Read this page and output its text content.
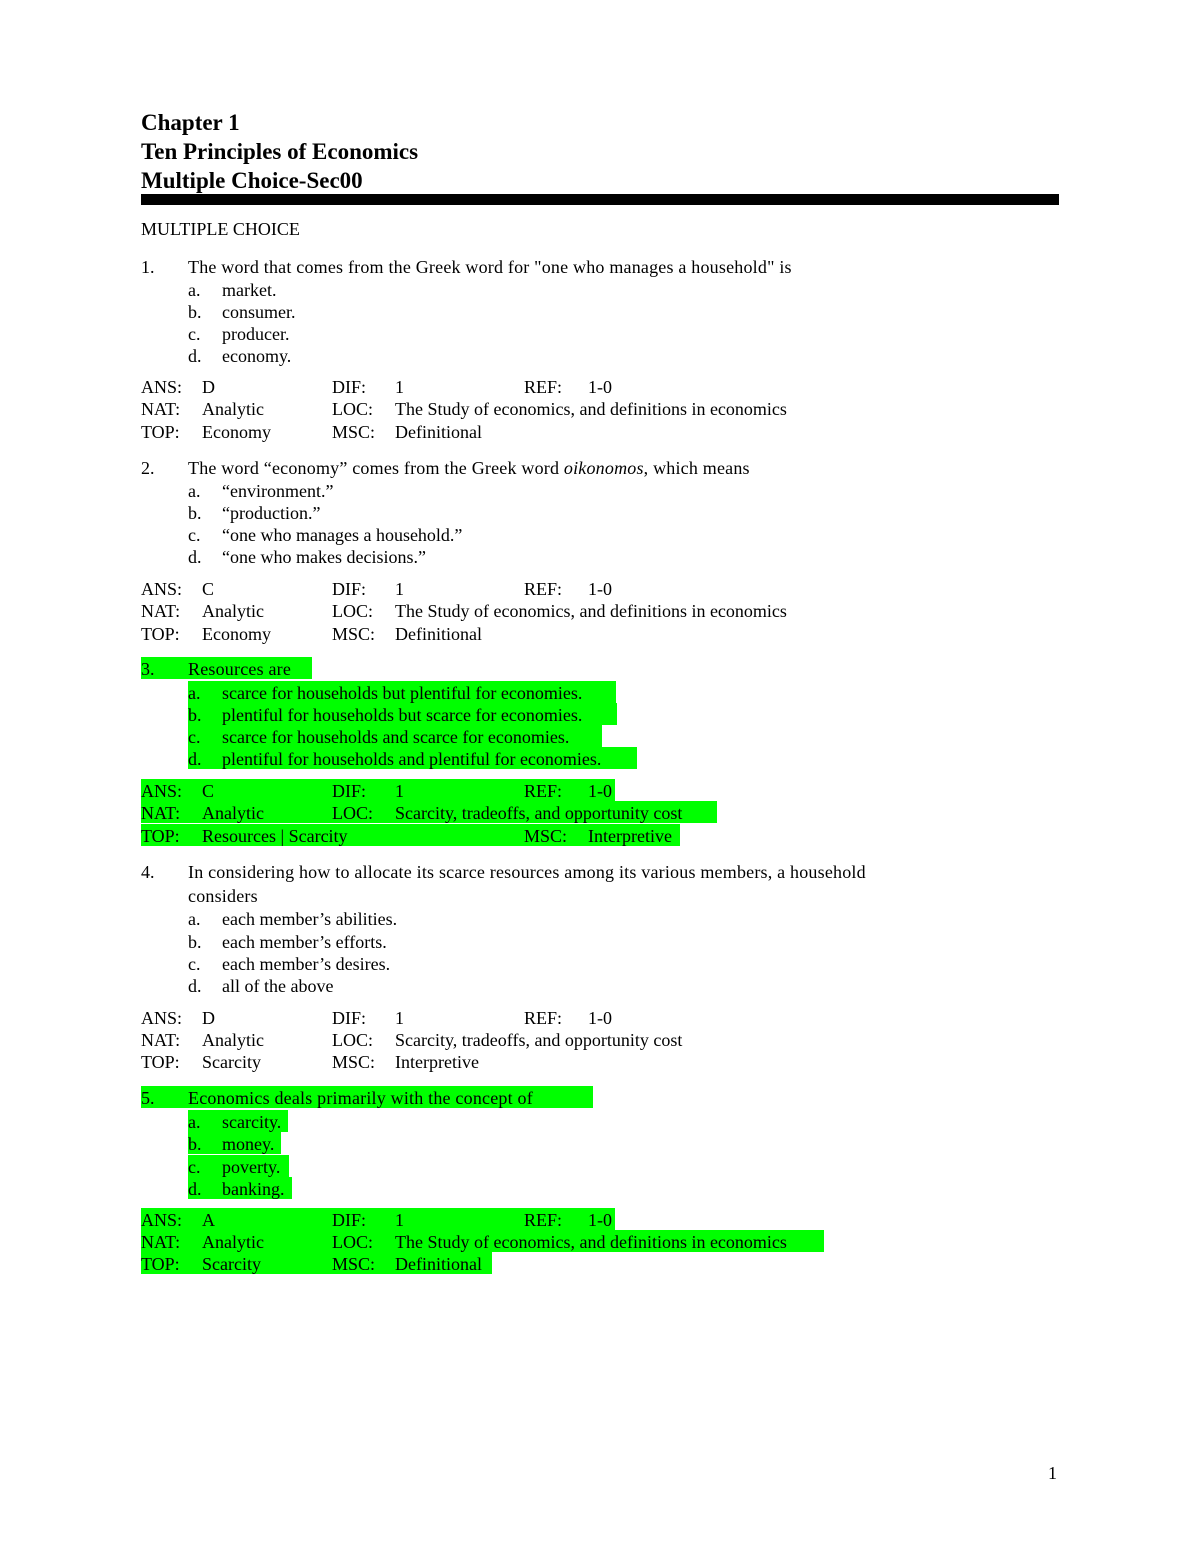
Chapter 1
Ten Principles of Economics
Multiple Choice-Sec00
MULTIPLE CHOICE
1. The word that comes from the Greek word for "one who manages a household" is
a. market.
b. consumer.
c. producer.
d. economy.
ANS: D	DIF: 1	REF: 1-0
NAT: Analytic	LOC: The Study of economics, and definitions in economics
TOP: Economy	MSC: Definitional
2. The word “economy” comes from the Greek word oikonomos, which means
a. “environment.”
b. “production.”
c. “one who manages a household.”
d. “one who makes decisions.”
ANS: C	DIF: 1	REF: 1-0
NAT: Analytic	LOC: The Study of economics, and definitions in economics
TOP: Economy	MSC: Definitional
3. Resources are
a. scarce for households but plentiful for economies.
b. plentiful for households but scarce for economies.
c. scarce for households and scarce for economies.
d. plentiful for households and plentiful for economies.
ANS: C	DIF: 1	REF: 1-0
NAT: Analytic	LOC: Scarcity, tradeoffs, and opportunity cost
TOP: Resources | Scarcity	MSC: Interpretive
4. In considering how to allocate its scarce resources among its various members, a household
considers
a. each member’s abilities.
b. each member’s efforts.
c. each member’s desires.
d. all of the above
ANS: D	DIF: 1	REF: 1-0
NAT: Analytic	LOC: Scarcity, tradeoffs, and opportunity cost
TOP: Scarcity	MSC: Interpretive
5. Economics deals primarily with the concept of
a. scarcity.
b. money.
c. poverty.
d. banking.
ANS: A	DIF: 1	REF: 1-0
NAT: Analytic	LOC: The Study of economics, and definitions in economics
TOP: Scarcity	MSC: Definitional
1
